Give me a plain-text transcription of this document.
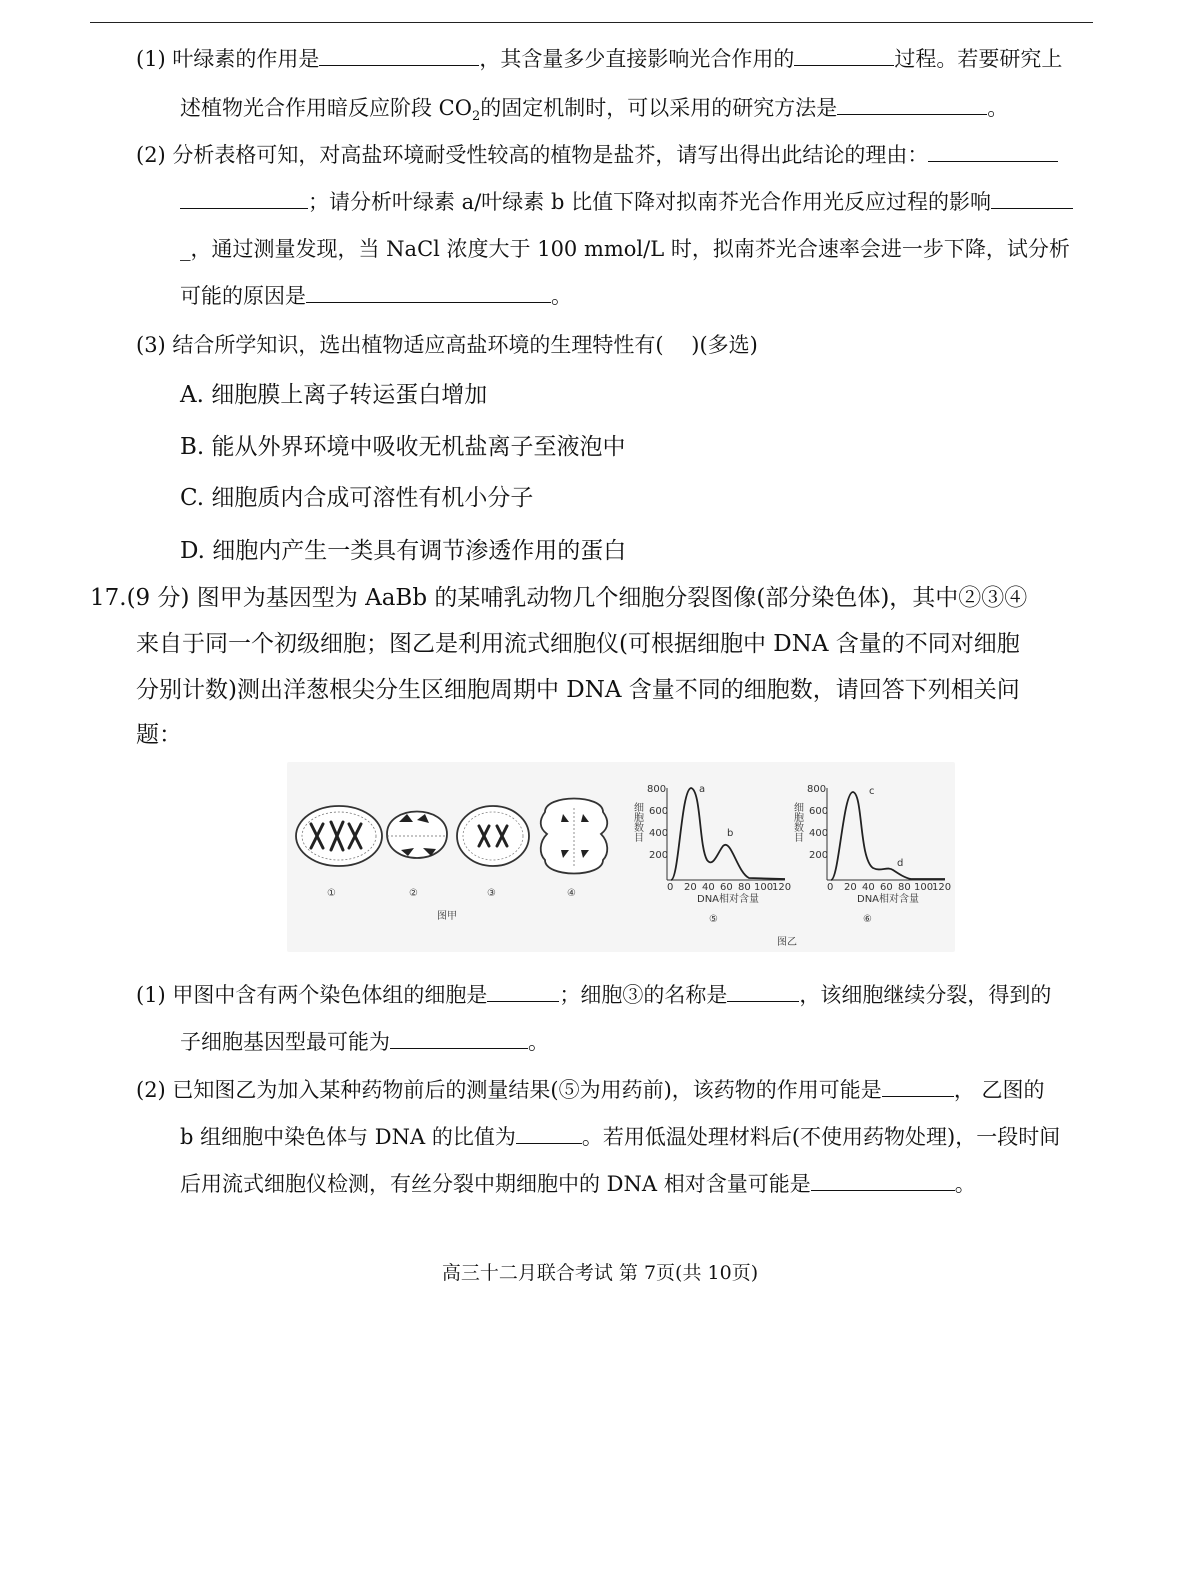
(1) 叶绿素的作用是	，其含量多少直接影响光合作用的	过程。若要研究上
述植物光合作用暗反应阶段 $CO_2$的固定机制时，可以采用的研究方法是	。
(2) 分析表格可知，对高盐环境耐受性较高的植物是盐芥，请写出得出此结论的理由：
；请分析叶绿素 a/叶绿素 b 比值下降对拟南芥光合作用光反应过程的影响
_，通过测量发现，当 NaCl 浓度大于 100 mmol/L 时，拟南芥光合速率会进一步下降，试分析
可能的原因是	。
(3) 结合所学知识，选出植物适应高盐环境的生理特性有(　 )(多选)
A. 细胞膜上离子转运蛋白增加
B. 能从外界环境中吸收无机盐离子至液泡中
C. 细胞质内合成可溶性有机小分子
D. 细胞内产生一类具有调节渗透作用的蛋白
17.(9 分) 图甲为基因型为 AaBb 的某哺乳动物几个细胞分裂图像(部分染色体)，其中②③④
来自于同一个初级细胞；图乙是利用流式细胞仪(可根据细胞中 DNA 含量的不同对细胞
分别计数)测出洋葱根尖分生区细胞周期中 DNA 含量不同的细胞数，请回答下列相关问
题：
①	②	③	④
图甲
800
600
400
200
细胞数目
a
b
0 20 40 60 80 100
120
DNA相对含量
⑤
800
600
400
200
细胞数目
c
d
0 20 40 60 80 100
120
DNA相对含量
⑥
图乙
(1) 甲图中含有两个染色体组的细胞是	；细胞③的名称是	，该细胞继续分裂，得到的
子细胞基因型最可能为	。
(2) 已知图乙为加入某种药物前后的测量结果(⑤为用药前)，该药物的作用可能是	， 乙图的
b 组细胞中染色体与 DNA 的比值为	。若用低温处理材料后(不使用药物处理)，一段时间
后用流式细胞仪检测，有丝分裂中期细胞中的 DNA 相对含量可能是	。
高三十二月联合考试 第 7页(共 10页)
